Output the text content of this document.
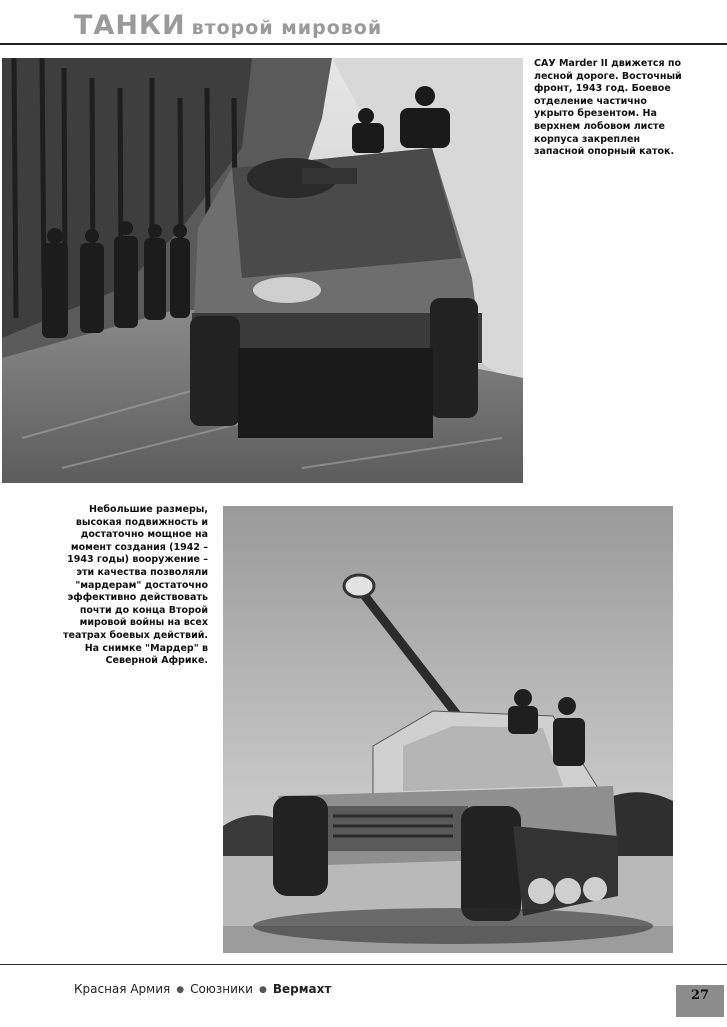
ТАНКИ второй мировой
САУ Marder II движется по лесной дороге. Восточный фронт, 1943 год. Боевое отделение частично укрыто брезентом. На верхнем лобовом листе корпуса закреплен запасной опорный каток.
Небольшие размеры, высокая подвижность и достаточно мощное на момент создания (1942 – 1943 годы) вооружение – эти качества позволяли "мардерам" достаточно эффективно действовать почти до конца Второй мировой войны на всех театрах боевых действий. На снимке "Мардер" в Северной Африке.
Красная Армия ● Союзники ● Вермахт	27
